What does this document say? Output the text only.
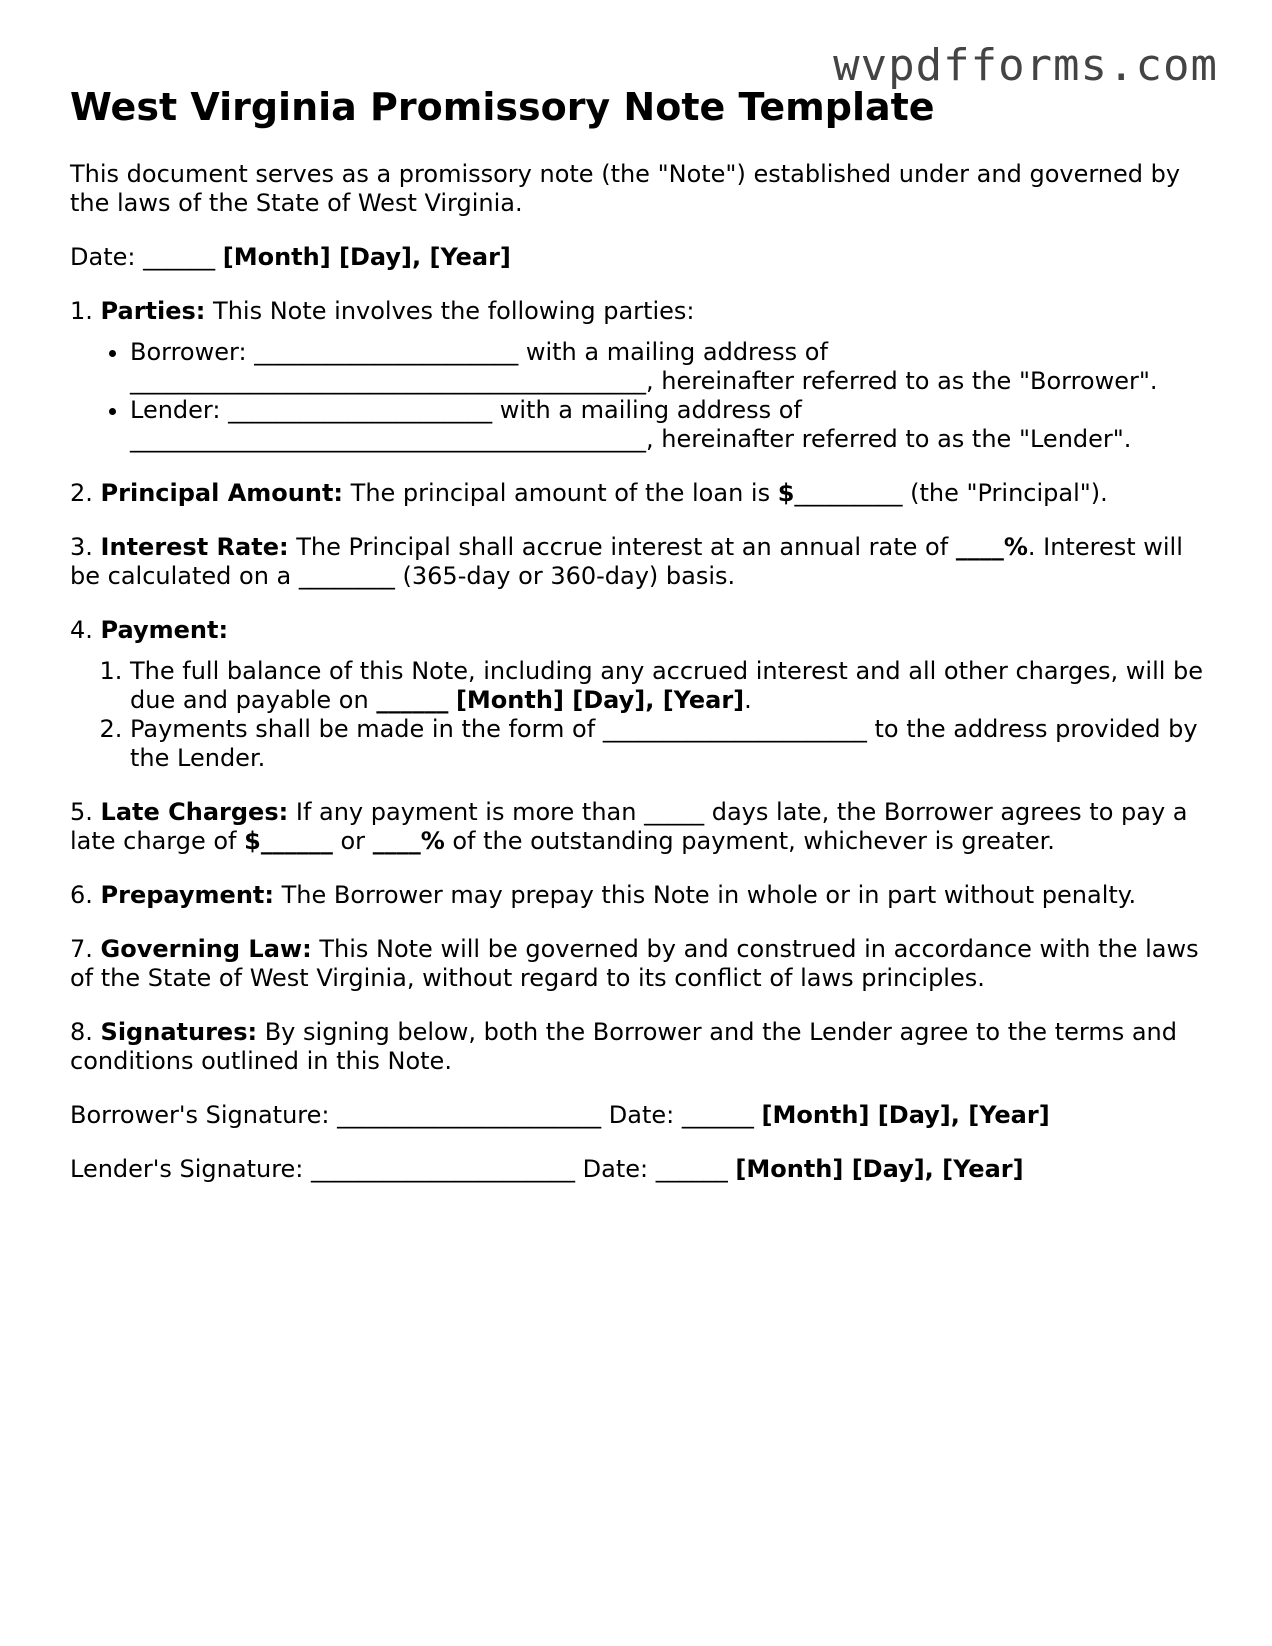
wvpdfforms.com
West Virginia Promissory Note Template

This document serves as a promissory note (the "Note") established under and governed by the laws of the State of West Virginia.

Date: ______ [Month] [Day], [Year]

1. Parties: This Note involves the following parties:

• Borrower: ______________________ with a mailing address of ___________________________________________, hereinafter referred to as the "Borrower".
• Lender: ______________________ with a mailing address of ___________________________________________, hereinafter referred to as the "Lender".

2. Principal Amount: The principal amount of the loan is $_________ (the "Principal").

3. Interest Rate: The Principal shall accrue interest at an annual rate of ____%. Interest will be calculated on a ________ (365-day or 360-day) basis.

4. Payment:

1. The full balance of this Note, including any accrued interest and all other charges, will be due and payable on ______ [Month] [Day], [Year].
2. Payments shall be made in the form of ______________________ to the address provided by the Lender.

5. Late Charges: If any payment is more than _____ days late, the Borrower agrees to pay a late charge of $______ or ____% of the outstanding payment, whichever is greater.

6. Prepayment: The Borrower may prepay this Note in whole or in part without penalty.

7. Governing Law: This Note will be governed by and construed in accordance with the laws of the State of West Virginia, without regard to its conflict of laws principles.

8. Signatures: By signing below, both the Borrower and the Lender agree to the terms and conditions outlined in this Note.

Borrower's Signature: ______________________ Date: ______ [Month] [Day], [Year]

Lender's Signature: ______________________ Date: ______ [Month] [Day], [Year]
